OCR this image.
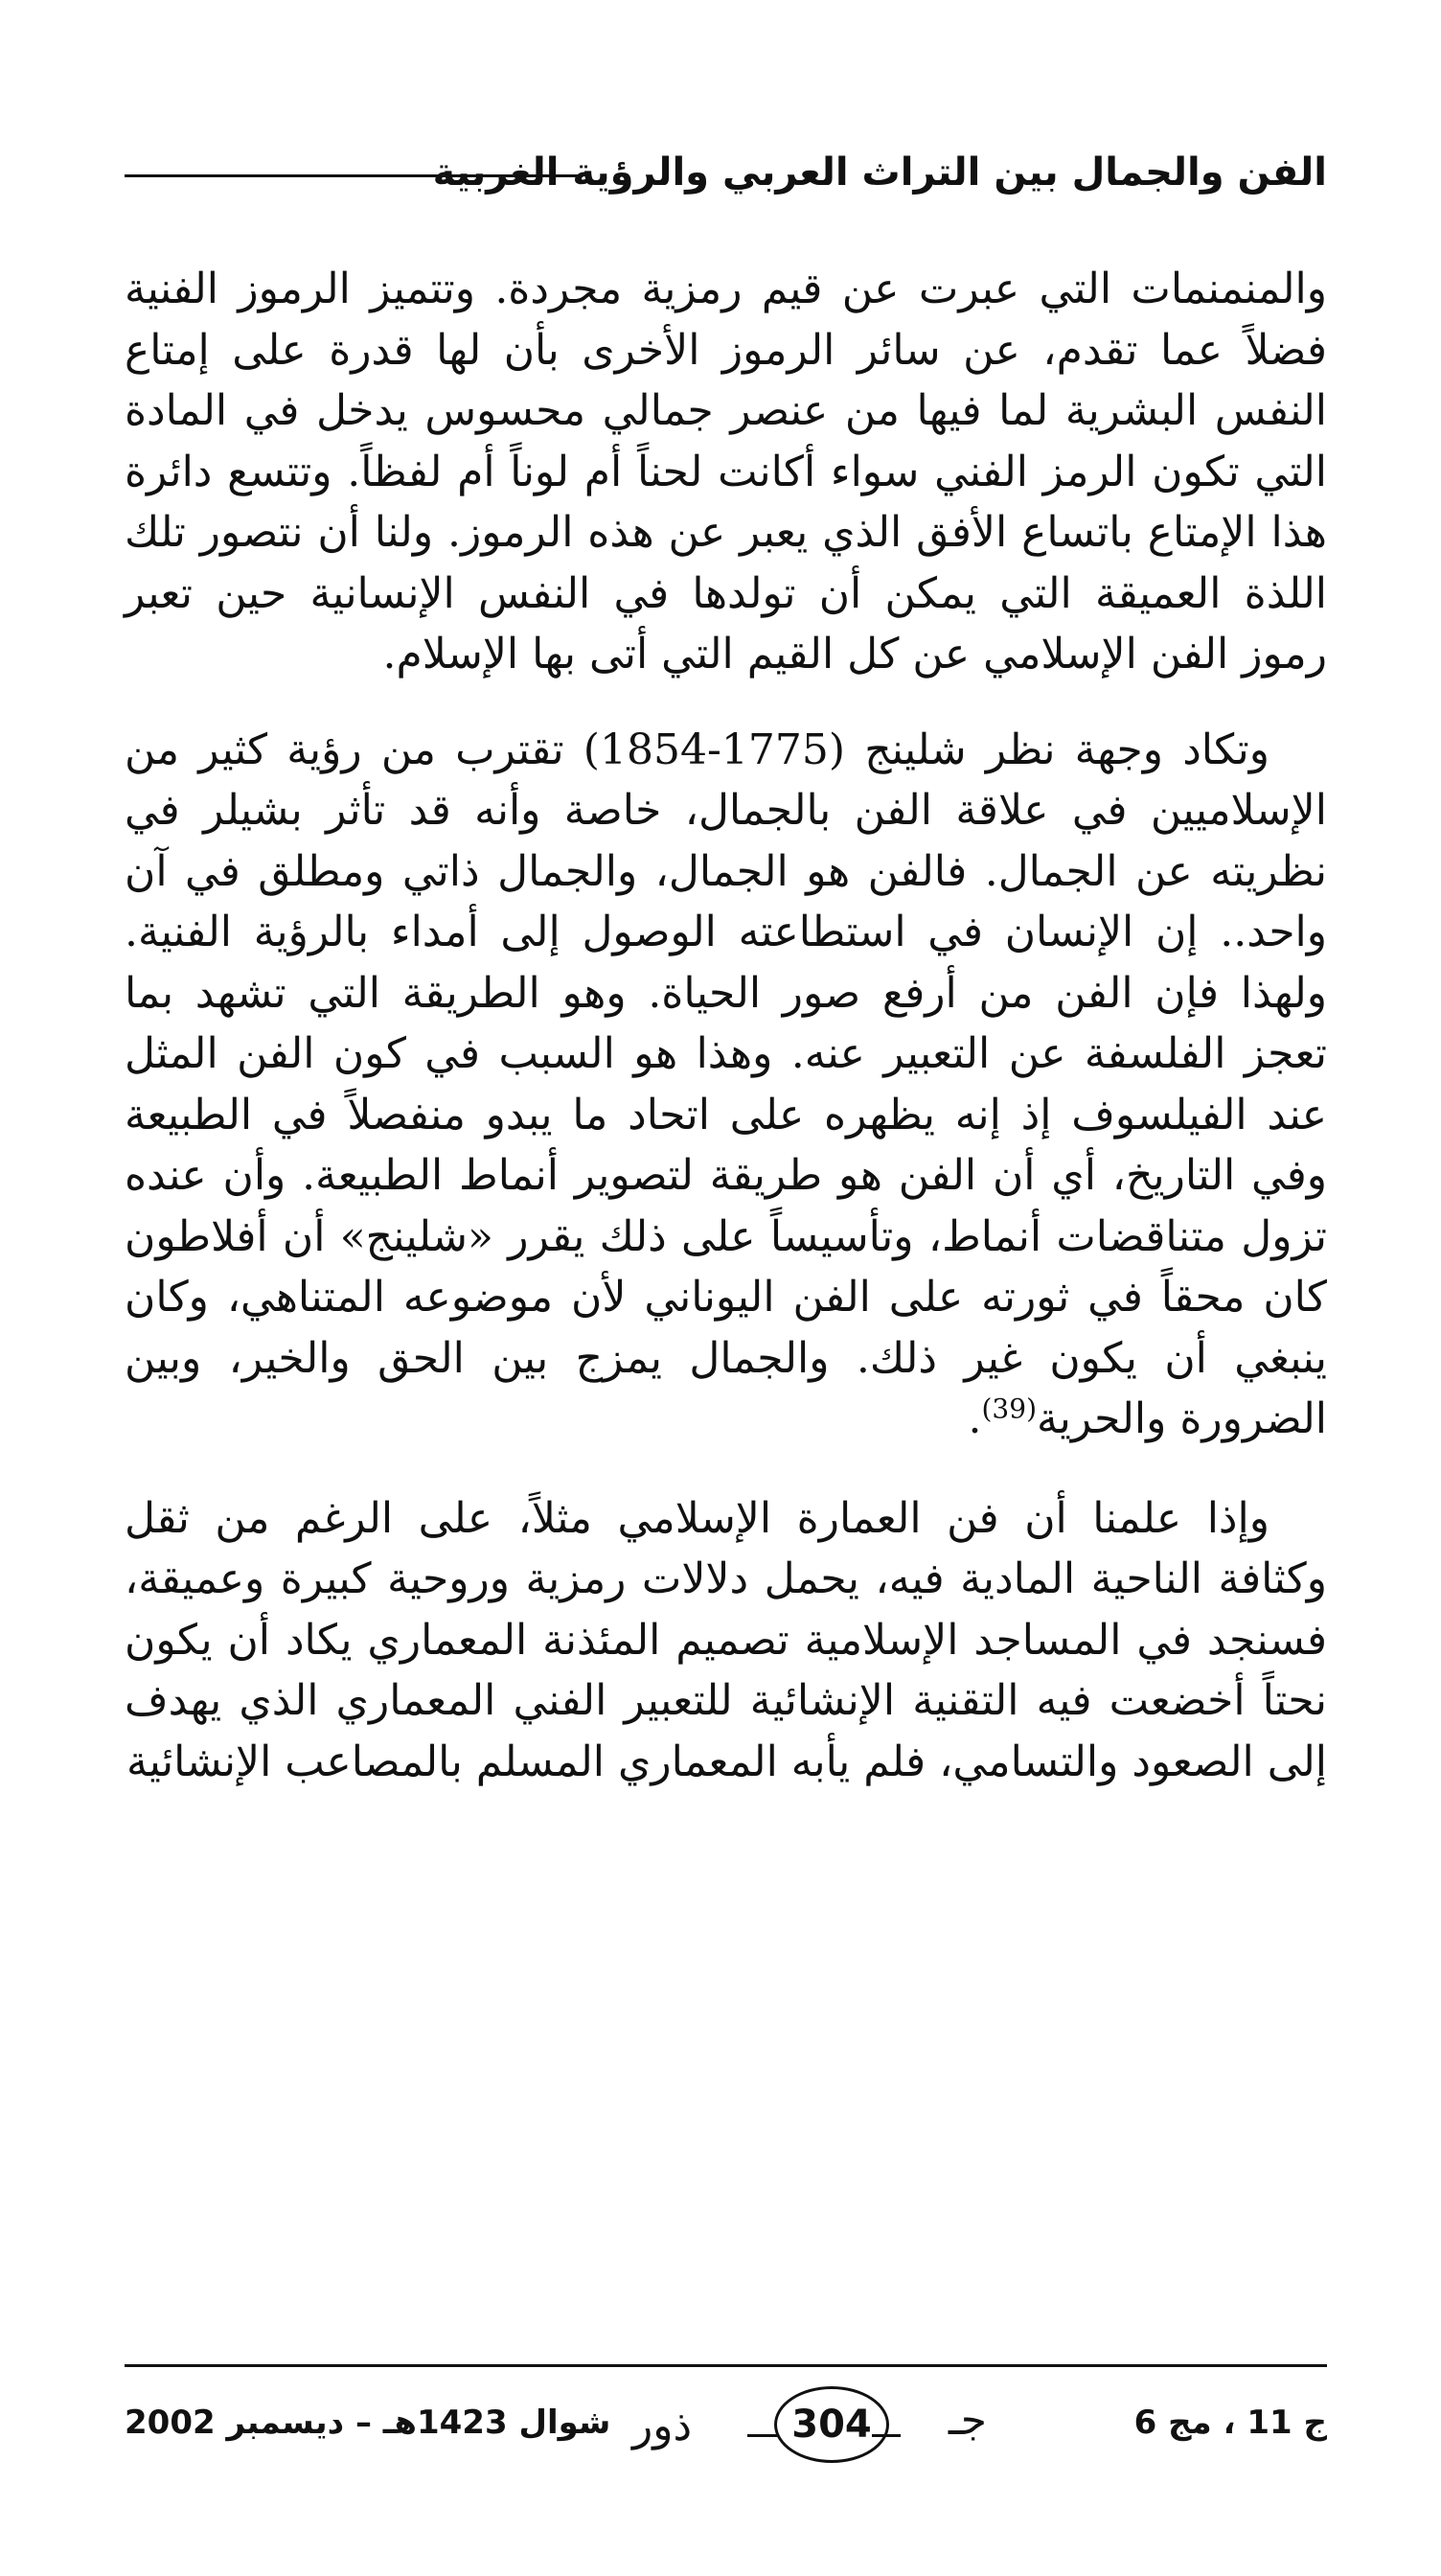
الفن والجمال بين التراث العربي والرؤية الغربية

والمنمنمات التي عبرت عن قيم رمزية مجردة. وتتميز الرموز الفنية فضلاً عما تقدم، عن سائر الرموز الأخرى بأن لها قدرة على إمتاع النفس البشرية لما فيها من عنصر جمالي محسوس يدخل في المادة التي تكون الرمز الفني سواء أكانت لحناً أم لوناً أم لفظاً. وتتسع دائرة هذا الإمتاع باتساع الأفق الذي يعبر عن هذه الرموز. ولنا أن نتصور تلك اللذة العميقة التي يمكن أن تولدها في النفس الإنسانية حين تعبر رموز الفن الإسلامي عن كل القيم التي أتى بها الإسلام.

وتكاد وجهة نظر شلينج (1775-1854) تقترب من رؤية كثير من الإسلاميين في علاقة الفن بالجمال، خاصة وأنه قد تأثر بشيلر في نظريته عن الجمال. فالفن هو الجمال، والجمال ذاتي ومطلق في آن واحد.. إن الإنسان في استطاعته الوصول إلى أمداء بالرؤية الفنية. ولهذا فإن الفن من أرفع صور الحياة. وهو الطريقة التي تشهد بما تعجز الفلسفة عن التعبير عنه. وهذا هو السبب في كون الفن المثل عند الفيلسوف إذ إنه يظهره على اتحاد ما يبدو منفصلاً في الطبيعة وفي التاريخ، أي أن الفن هو طريقة لتصوير أنماط الطبيعة. وأن عنده تزول متناقضات أنماط، وتأسيساً على ذلك يقرر «شلينج» أن أفلاطون كان محقاً في ثورته على الفن اليوناني لأن موضوعه المتناهي، وكان ينبغي أن يكون غير ذلك. والجمال يمزج بين الحق والخير، وبين الضرورة والحرية$^{(39)}$.

وإذا علمنا أن فن العمارة الإسلامي مثلاً، على الرغم من ثقل وكثافة الناحية المادية فيه، يحمل دلالات رمزية وروحية كبيرة وعميقة، فسنجد في المساجد الإسلامية تصميم المئذنة المعماري يكاد أن يكون نحتاً أخضعت فيه التقنية الإنشائية للتعبير الفني المعماري الذي يهدف إلى الصعود والتسامي، فلم يأبه المعماري المسلم بالمصاعب الإنشائية

شوال 1423هـ – ديسمبر 2002 ذور	304	جـ	ج 11 ، مج 6
